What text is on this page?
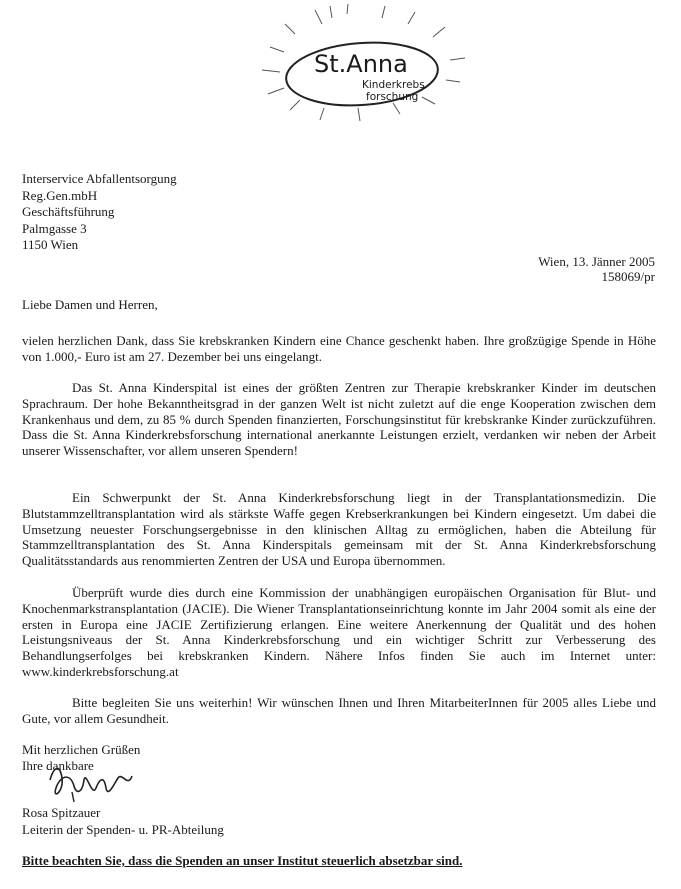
St.Anna
Kinderkrebs
forschung
Interservice Abfallentsorgung
Reg.Gen.mbH
Geschäftsführung
Palmgasse 3
1150 Wien
Wien, 13. Jänner 2005
158069/pr
Liebe Damen und Herren,
vielen herzlichen Dank, dass Sie krebskranken Kindern eine Chance geschenkt haben. Ihre großzügige Spende in Höhe von 1.000,- Euro ist am 27. Dezember bei uns eingelangt.
Das St. Anna Kinderspital ist eines der größten Zentren zur Therapie krebskranker Kinder im deutschen Sprachraum. Der hohe Bekanntheitsgrad in der ganzen Welt ist nicht zuletzt auf die enge Kooperation zwischen dem Krankenhaus und dem, zu 85 % durch Spenden finanzierten, Forschungsinstitut für krebskranke Kinder zurückzuführen. Dass die St. Anna Kinderkrebsforschung international anerkannte Leistungen erzielt, verdanken wir neben der Arbeit unserer Wissenschafter, vor allem unseren Spendern!
Ein Schwerpunkt der St. Anna Kinderkrebsforschung liegt in der Transplantationsmedizin. Die Blutstammzelltransplantation wird als stärkste Waffe gegen Krebserkrankungen bei Kindern eingesetzt. Um dabei die Umsetzung neuester Forschungsergebnisse in den klinischen Alltag zu ermöglichen, haben die Abteilung für Stammzelltransplantation des St. Anna Kinderspitals gemeinsam mit der St. Anna Kinderkrebsforschung Qualitätsstandards aus renommierten Zentren der USA und Europa übernommen.
Überprüft wurde dies durch eine Kommission der unabhängigen europäischen Organisation für Blut- und Knochenmarkstransplantation (JACIE). Die Wiener Transplantationseinrichtung konnte im Jahr 2004 somit als eine der ersten in Europa eine JACIE Zertifizierung erlangen. Eine weitere Anerkennung der Qualität und des hohen Leistungsniveaus der St. Anna Kinderkrebsforschung und ein wichtiger Schritt zur Verbesserung des Behandlungserfolges bei krebskranken Kindern. Nähere Infos finden Sie auch im Internet unter: www.kinderkrebsforschung.at
Bitte begleiten Sie uns weiterhin! Wir wünschen Ihnen und Ihren MitarbeiterInnen für 2005 alles Liebe und Gute, vor allem Gesundheit.
Mit herzlichen Grüßen
Ihre dankbare
Rosa Spitzauer
Leiterin der Spenden- u. PR-Abteilung
Bitte beachten Sie, dass die Spenden an unser Institut steuerlich absetzbar sind.
